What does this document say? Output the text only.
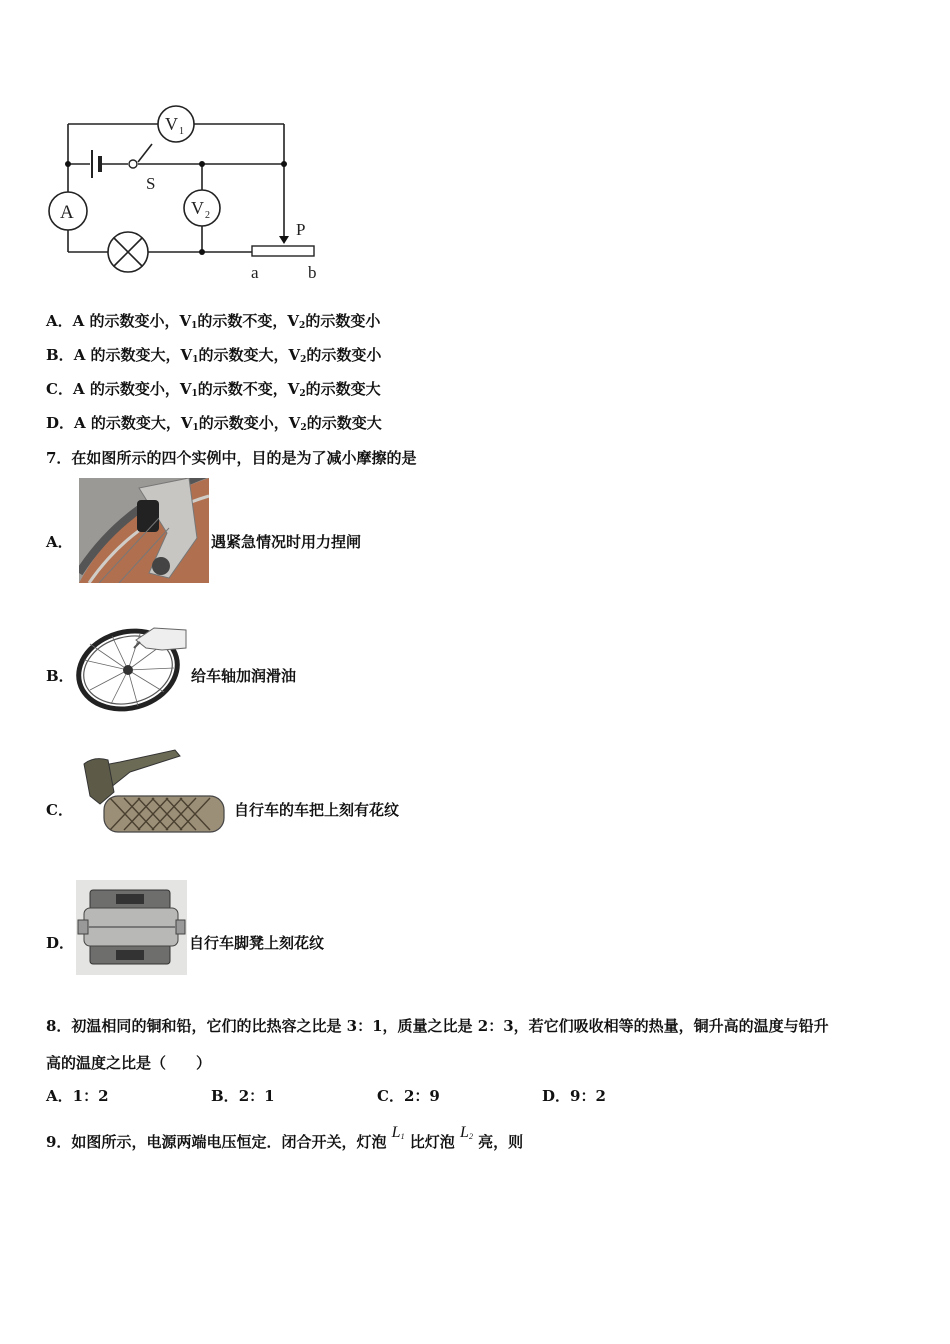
V 1
A	V 2
P
S
a	b
A．A 的示数变小，$V_1$的示数不变，$V_2$的示数变小
B．A 的示数变大，$V_1$的示数变大，$V_2$的示数变小
C．A 的示数变小，$V_1$的示数不变，$V_2$的示数变大
D．A 的示数变大，$V_1$的示数变小，$V_2$的示数变大
7．在如图所示的四个实例中，目的是为了减小摩擦的是
A．	遇紧急情况时用力捏闸
B．	给车轴加润滑油
C．	自行车的车把上刻有花纹
D．	自行车脚凳上刻花纹
8．初温相同的铜和铅，它们的比热容之比是 3：1，质量之比是 2：3，若它们吸收相等的热量，铜升高的温度与铅升
高的温度之比是（　　）
A．1：2	B．2：1	C．2：9	D．9：2
9．如图所示，电源两端电压恒定．闭合开关，灯泡 $L_1$ 比灯泡 $L_2$ 亮，则
